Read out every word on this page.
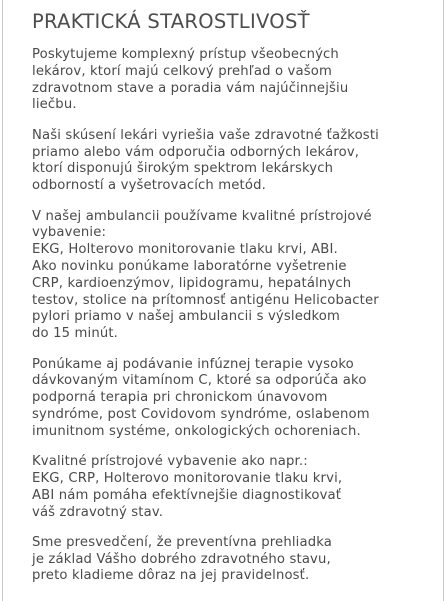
PRAKTICKÁ STAROSTLIVOSŤ

Poskytujeme komplexný prístup všeobecných
lekárov, ktorí majú celkový prehľad o vašom
zdravotnom stave a poradia vám najúčinnejšiu
liečbu.

Naši skúsení lekári vyriešia vaše zdravotné ťažkosti
priamo alebo vám odporučia odborných lekárov,
ktorí disponujú širokým spektrom lekárskych
odborností a vyšetrovacích metód.

V našej ambulancii používame kvalitné prístrojové
vybavenie:
EKG, Holterovo monitorovanie tlaku krvi, ABI.
Ako novinku ponúkame laboratórne vyšetrenie
CRP, kardioenzýmov, lipidogramu, hepatálnych
testov, stolice na prítomnosť antigénu Helicobacter
pylori priamo v našej ambulancii s výsledkom
do 15 minút.

Ponúkame aj podávanie infúznej terapie vysoko
dávkovaným vitamínom C, ktoré sa odporúča ako
podporná terapia pri chronickom únavovom
syndróme, post Covidovom syndróme, oslabenom
imunitnom systéme, onkologických ochoreniach.

Kvalitné prístrojové vybavenie ako napr.:
EKG, CRP, Holterovo monitorovanie tlaku krvi,
ABI nám pomáha efektívnejšie diagnostikovať
váš zdravotný stav.

Sme presvedčení, že preventívna prehliadka
je základ Vášho dobrého zdravotného stavu,
preto kladieme dôraz na jej pravidelnosť.
